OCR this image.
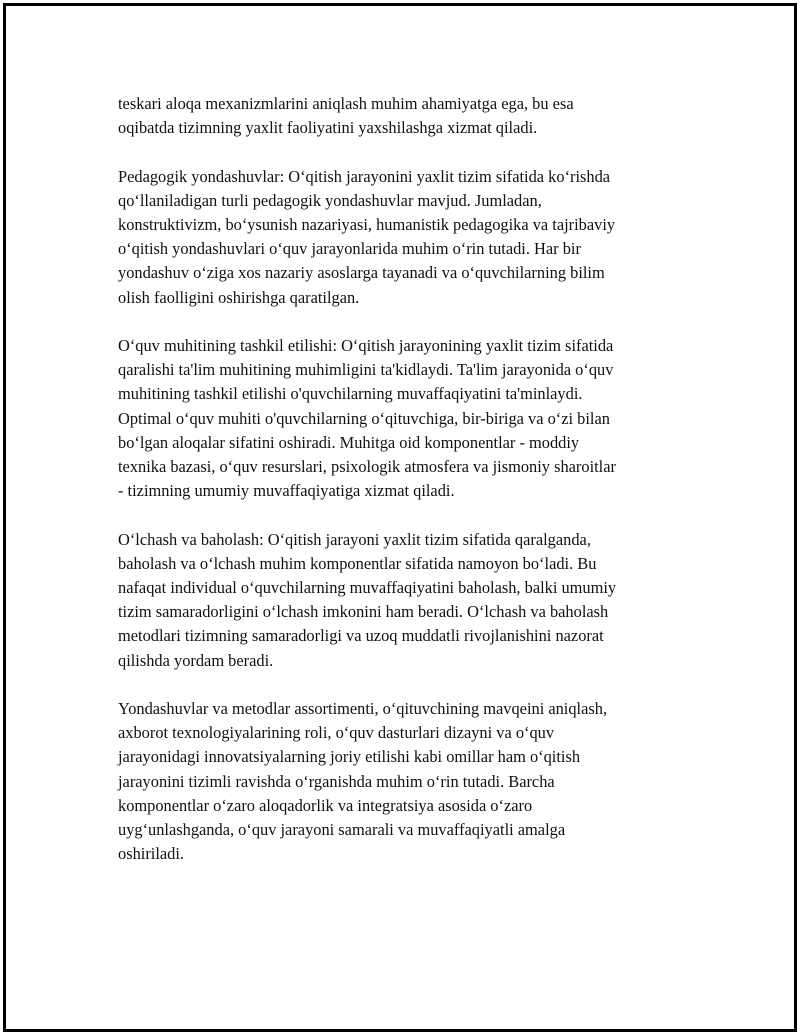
teskari aloqa mexanizmlarini aniqlash muhim ahamiyatga ega, bu esa
oqibatda tizimning yaxlit faoliyatini yaxshilashga xizmat qiladi.

Pedagogik yondashuvlar: O‘qitish jarayonini yaxlit tizim sifatida ko‘rishda
qo‘llaniladigan turli pedagogik yondashuvlar mavjud. Jumladan,
konstruktivizm, bo‘ysunish nazariyasi, humanistik pedagogika va tajribaviy
o‘qitish yondashuvlari o‘quv jarayonlarida muhim o‘rin tutadi. Har bir
yondashuv o‘ziga xos nazariy asoslarga tayanadi va o‘quvchilarning bilim
olish faolligini oshirishga qaratilgan.

O‘quv muhitining tashkil etilishi: O‘qitish jarayonining yaxlit tizim sifatida
qaralishi ta'lim muhitining muhimligini ta'kidlaydi. Ta'lim jarayonida o‘quv
muhitining tashkil etilishi o'quvchilarning muvaffaqiyatini ta'minlaydi.
Optimal o‘quv muhiti o'quvchilarning o‘qituvchiga, bir-biriga va o‘zi bilan
bo‘lgan aloqalar sifatini oshiradi. Muhitga oid komponentlar - moddiy
texnika bazasi, o‘quv resurslari, psixologik atmosfera va jismoniy sharoitlar
- tizimning umumiy muvaffaqiyatiga xizmat qiladi.

O‘lchash va baholash: O‘qitish jarayoni yaxlit tizim sifatida qaralganda,
baholash va o‘lchash muhim komponentlar sifatida namoyon bo‘ladi. Bu
nafaqat individual o‘quvchilarning muvaffaqiyatini baholash, balki umumiy
tizim samaradorligini o‘lchash imkonini ham beradi. O‘lchash va baholash
metodlari tizimning samaradorligi va uzoq muddatli rivojlanishini nazorat
qilishda yordam beradi.

Yondashuvlar va metodlar assortimenti, o‘qituvchining mavqeini aniqlash,
axborot texnologiyalarining roli, o‘quv dasturlari dizayni va o‘quv
jarayonidagi innovatsiyalarning joriy etilishi kabi omillar ham o‘qitish
jarayonini tizimli ravishda o‘rganishda muhim o‘rin tutadi. Barcha
komponentlar o‘zaro aloqadorlik va integratsiya asosida o‘zaro
uyg‘unlashganda, o‘quv jarayoni samarali va muvaffaqiyatli amalga
oshiriladi.
